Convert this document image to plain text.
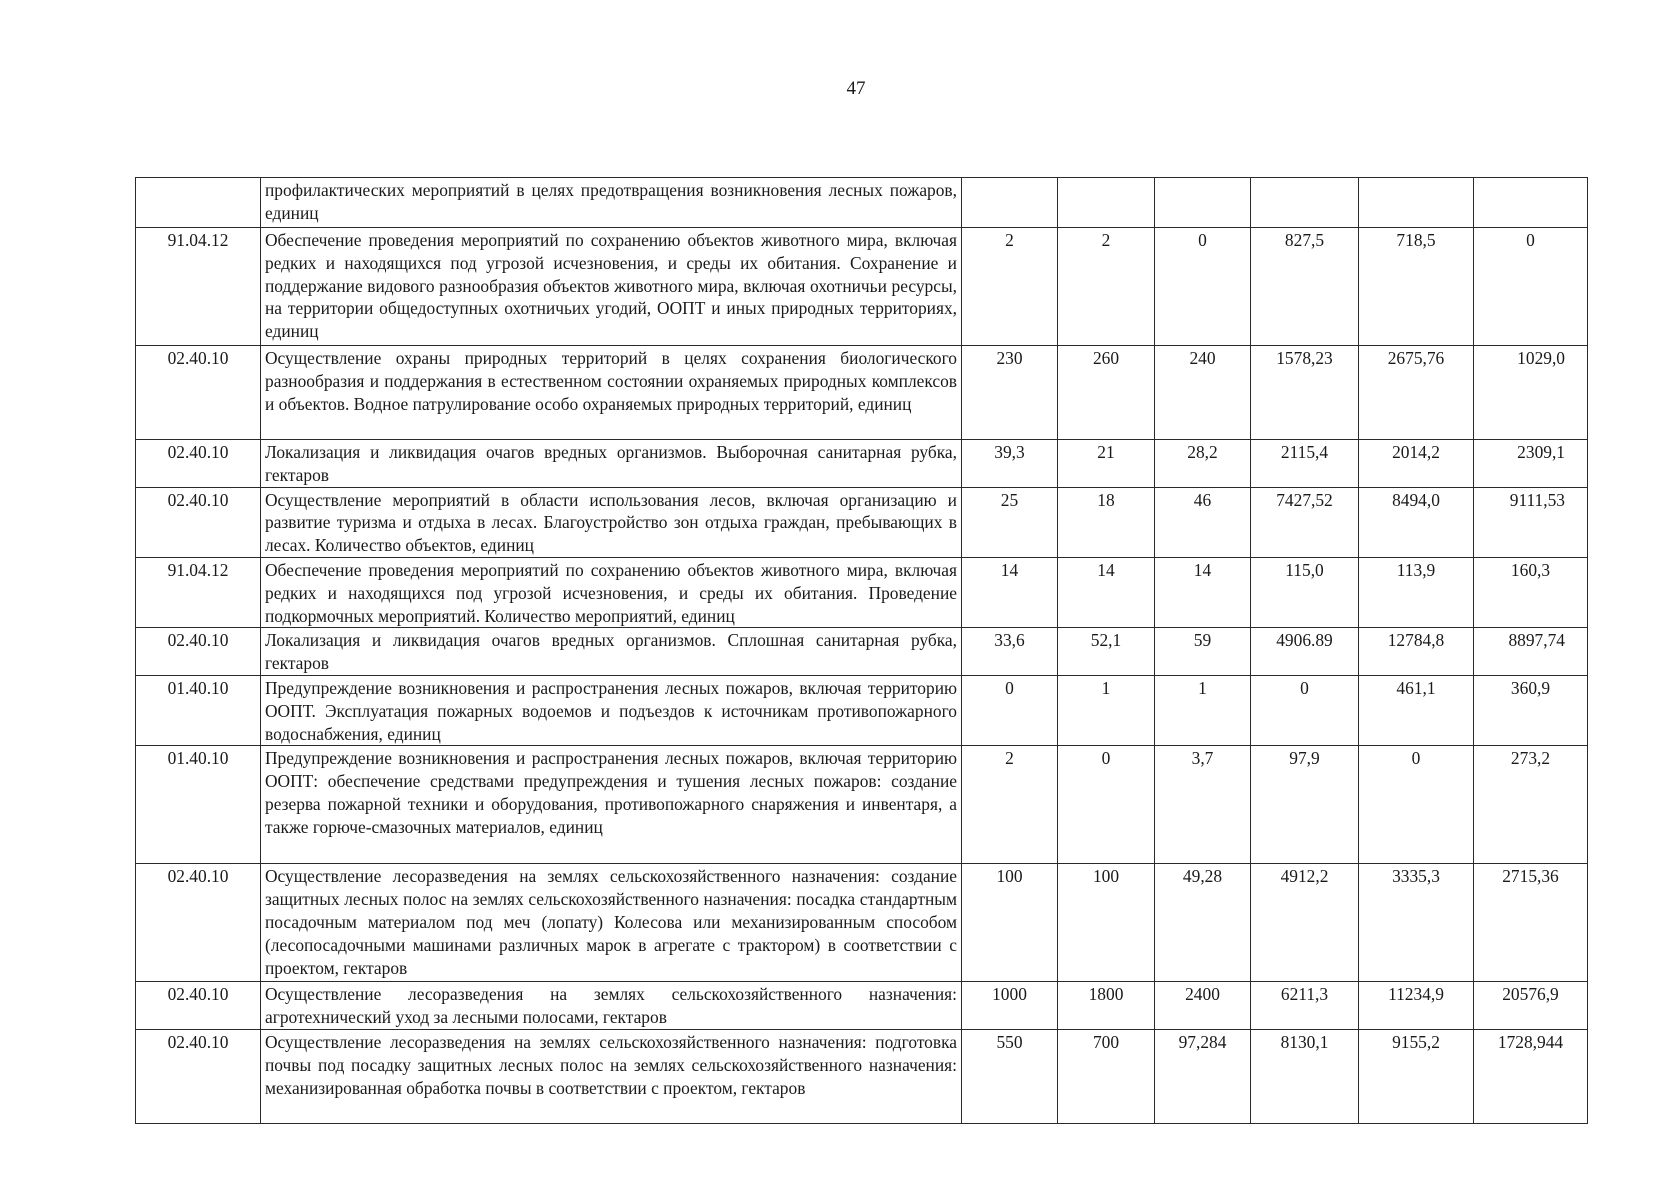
47
	профилактических мероприятий в целях предотвращения возникновения лесных пожаров, единиц						
91.04.12	Обеспечение проведения мероприятий по сохранению объектов животного мира, включая редких и находящихся под угрозой исчезновения, и среды их обитания. Сохранение и поддержание видового разнообразия объектов животного мира, включая охотничьи ресурсы, на территории общедоступных охотничьих угодий, ООПТ и иных природных территориях, единиц	2	2	0	827,5	718,5	0
02.40.10	Осуществление охраны природных территорий в целях сохранения биологического разнообразия и поддержания в естественном состоянии охраняемых природных комплексов и объектов. Водное патрулирование особо охраняемых природных территорий, единиц	230	260	240	1578,23	2675,76	1029,0
02.40.10	Локализация и ликвидация очагов вредных организмов. Выборочная санитарная рубка, гектаров	39,3	21	28,2	2115,4	2014,2	2309,1
02.40.10	Осуществление мероприятий в области использования лесов, включая организацию и развитие туризма и отдыха в лесах. Благоустройство зон отдыха граждан, пребывающих в лесах. Количество объектов, единиц	25	18	46	7427,52	8494,0	9111,53
91.04.12	Обеспечение проведения мероприятий по сохранению объектов животного мира, включая редких и находящихся под угрозой исчезновения, и среды их обитания. Проведение подкормочных мероприятий. Количество мероприятий, единиц	14	14	14	115,0	113,9	160,3
02.40.10	Локализация и ликвидация очагов вредных организмов. Сплошная санитарная рубка, гектаров	33,6	52,1	59	4906.89	12784,8	8897,74
01.40.10	Предупреждение возникновения и распространения лесных пожаров, включая территорию ООПТ. Эксплуатация пожарных водоемов и подъездов к источникам противопожарного водоснабжения, единиц	0	1	1	0	461,1	360,9
01.40.10	Предупреждение возникновения и распространения лесных пожаров, включая территорию ООПТ: обеспечение средствами предупреждения и тушения лесных пожаров: создание резерва пожарной техники и оборудования, противопожарного снаряжения и инвентаря, а также горюче-смазочных материалов, единиц	2	0	3,7	97,9	0	273,2
02.40.10	Осуществление лесоразведения на землях сельскохозяйственного назначения: создание защитных лесных полос на землях сельскохозяйственного назначения: посадка стандартным посадочным материалом под меч (лопату) Колесова или механизированным способом (лесопосадочными машинами различных марок в агрегате с трактором) в соответствии с проектом, гектаров	100	100	49,28	4912,2	3335,3	2715,36
02.40.10	Осуществление лесоразведения на землях сельскохозяйственного назначения: агротехнический уход за лесными полосами, гектаров	1000	1800	2400	6211,3	11234,9	20576,9
02.40.10	Осуществление лесоразведения на землях сельскохозяйственного назначения: подготовка почвы под посадку защитных лесных полос на землях сельскохозяйственного назначения: механизированная обработка почвы в соответствии с проектом, гектаров	550	700	97,284	8130,1	9155,2	1728,944
